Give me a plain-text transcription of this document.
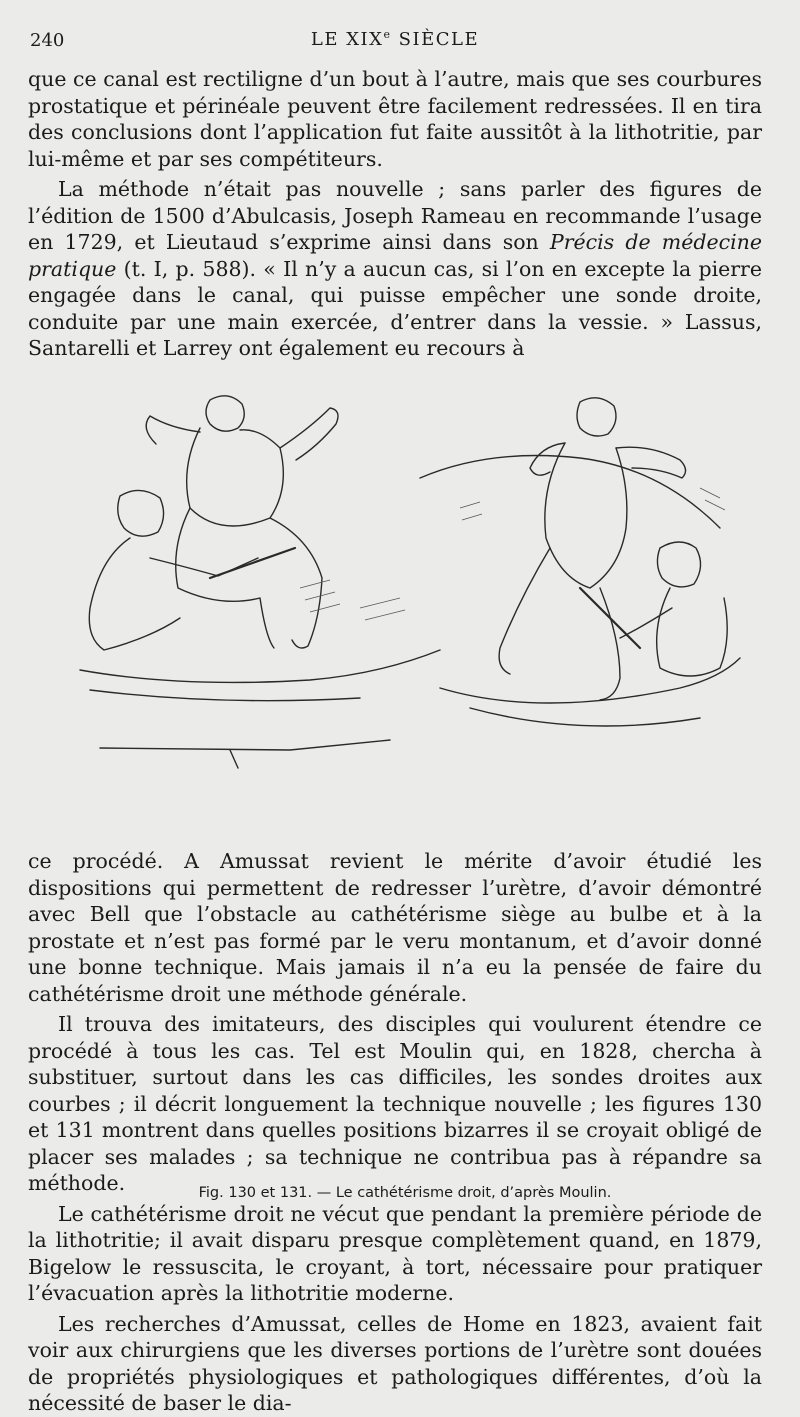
240	LE XIXe SIÈCLE

que ce canal est rectiligne d’un bout à l’autre, mais que ses courbures prostatique et périnéale peuvent être facilement redressées. Il en tira des conclusions dont l’application fut faite aussitôt à la lithotritie, par lui-même et par ses compétiteurs.

La méthode n’était pas nouvelle ; sans parler des figures de l’édition de 1500 d’Abulcasis, Joseph Rameau en recommande l’usage en 1729, et Lieutaud s’exprime ainsi dans son Précis de médecine pratique (t. I, p. 588). « Il n’y a aucun cas, si l’on en excepte la pierre engagée dans le canal, qui puisse empêcher une sonde droite, conduite par une main exercée, d’entrer dans la vessie. » Lassus, Santarelli et Larrey ont également eu recours à

Fig. 130 et 131. — Le cathétérisme droit, d’après Moulin.

ce procédé. A Amussat revient le mérite d’avoir étudié les dispositions qui permettent de redresser l’urètre, d’avoir démontré avec Bell que l’obstacle au cathétérisme siège au bulbe et à la prostate et n’est pas formé par le veru montanum, et d’avoir donné une bonne technique. Mais jamais il n’a eu la pensée de faire du cathétérisme droit une méthode générale.

Il trouva des imitateurs, des disciples qui voulurent étendre ce procédé à tous les cas. Tel est Moulin qui, en 1828, chercha à substituer, surtout dans les cas difficiles, les sondes droites aux courbes ; il décrit longuement la technique nouvelle ; les figures 130 et 131 montrent dans quelles positions bizarres il se croyait obligé de placer ses malades ; sa technique ne contribua pas à répandre sa méthode.

Le cathétérisme droit ne vécut que pendant la première période de la lithotritie; il avait disparu presque complètement quand, en 1879, Bigelow le ressuscita, le croyant, à tort, nécessaire pour pratiquer l’évacuation après la lithotritie moderne.

Les recherches d’Amussat, celles de Home en 1823, avaient fait voir aux chirurgiens que les diverses portions de l’urètre sont douées de propriétés physiologiques et pathologiques différentes, d’où la nécessité de baser le dia-
